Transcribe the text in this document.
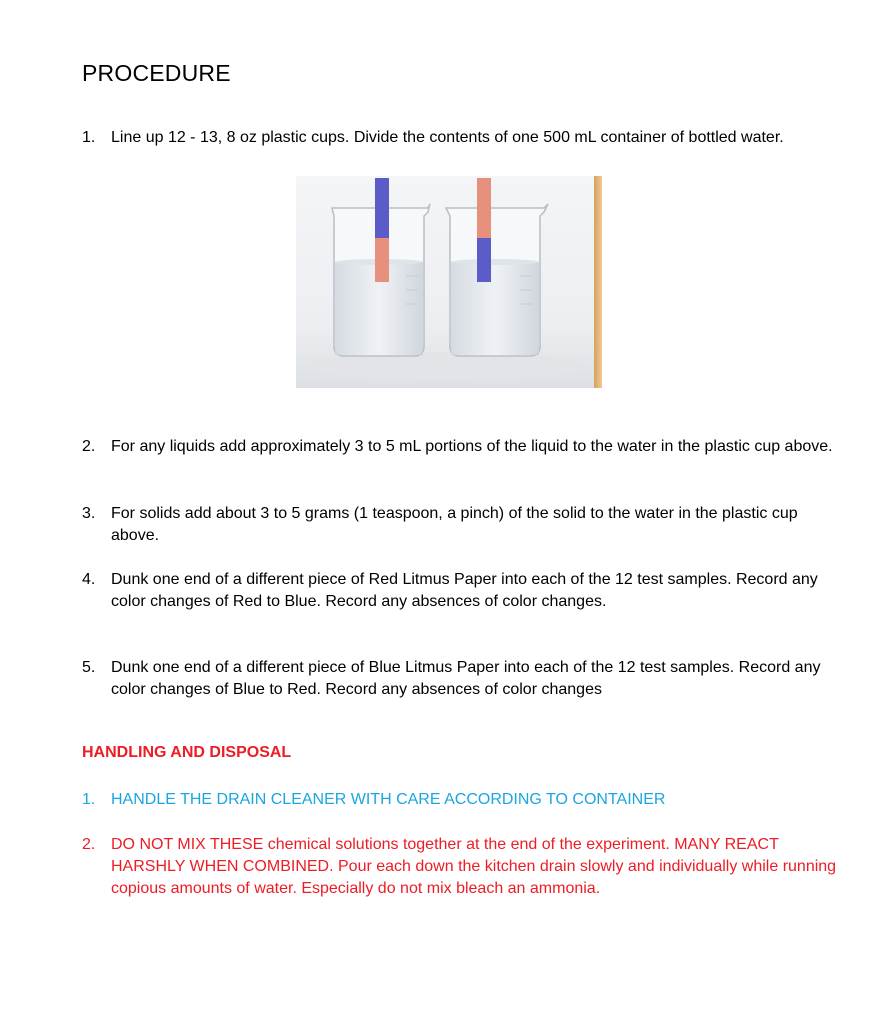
PROCEDURE
1. Line up 12 - 13, 8 oz plastic cups. Divide the contents of one 500 mL container of bottled water.
2. For any liquids add approximately 3 to 5 mL portions of the liquid to the water in the plastic cup above.
3. For solids add about 3 to 5 grams (1 teaspoon, a pinch) of the solid to the water in the plastic cup above.
4. Dunk one end of a different piece of Red Litmus Paper into each of the 12 test samples. Record any color changes of Red to Blue. Record any absences of color changes.
5. Dunk one end of a different piece of Blue Litmus Paper into each of the 12 test samples. Record any color changes of Blue to Red. Record any absences of color changes
HANDLING AND DISPOSAL
1. HANDLE THE DRAIN CLEANER WITH CARE ACCORDING TO CONTAINER
2. DO NOT MIX THESE chemical solutions together at the end of the experiment. MANY REACT HARSHLY WHEN COMBINED. Pour each down the kitchen drain slowly and individually while running copious amounts of water. Especially do not mix bleach an ammonia.
